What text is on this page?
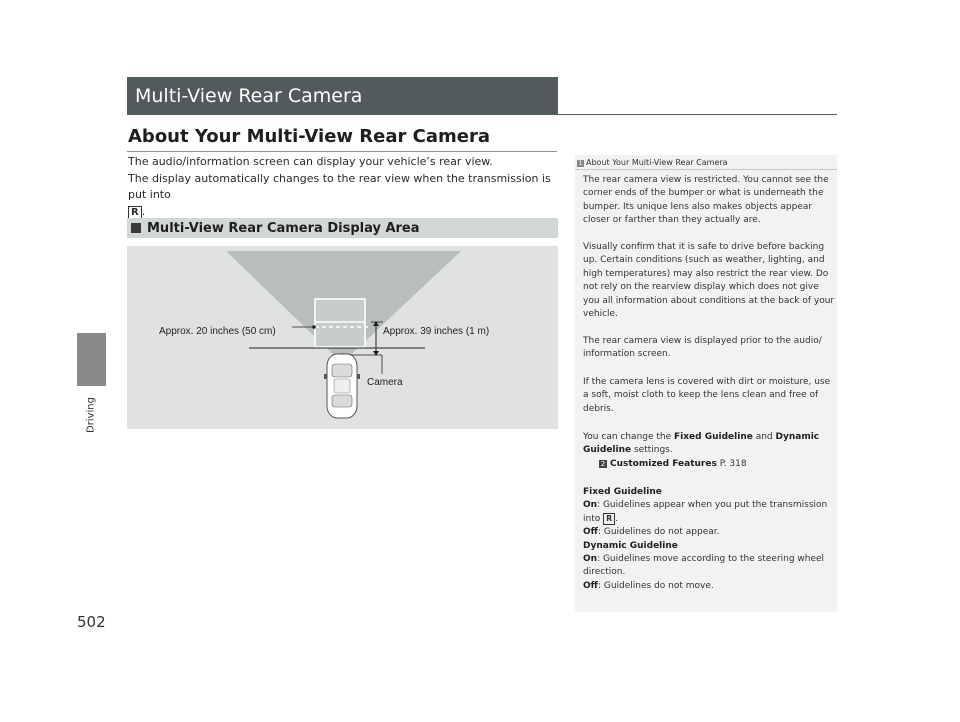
Driving
502
Multi-View Rear Camera
About Your Multi-View Rear Camera

The audio/information screen can display your vehicle’s rear view.
The display automatically changes to the rear view when the transmission is put into
R .

Multi-View Rear Camera Display Area
Approx. 20 inches (50 cm)	Approx. 39 inches (1 m)
Camera

1 About Your Multi-View Rear Camera

The rear camera view is restricted. You cannot see the corner ends of the bumper or what is underneath the bumper. Its unique lens also makes objects appear closer or farther than they actually are.

Visually confirm that it is safe to drive before backing up. Certain conditions (such as weather, lighting, and high temperatures) may also restrict the rear view. Do not rely on the rearview display which does not give you all information about conditions at the back of your vehicle.

The rear camera view is displayed prior to the audio/ information screen.

If the camera lens is covered with dirt or moisture, use a soft, moist cloth to keep the lens clean and free of debris.

You can change the Fixed Guideline and Dynamic Guideline settings.
2 Customized Features P. 318

Fixed Guideline
On: Guidelines appear when you put the transmission into R .
Off: Guidelines do not appear.
Dynamic Guideline
On: Guidelines move according to the steering wheel direction.
Off: Guidelines do not move.
